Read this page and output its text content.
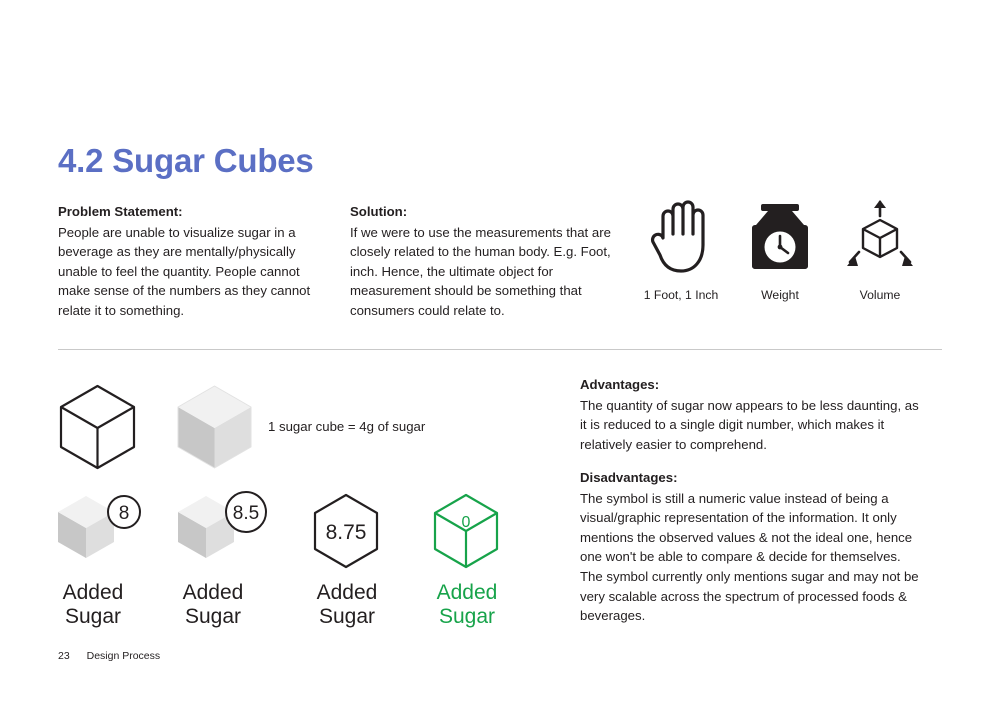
4.2 Sugar Cubes
Problem Statement:
People are unable to visualize sugar in a beverage as they are mentally/physically unable to feel the quantity. People cannot make sense of the numbers as they cannot relate it to something.
Solution:
If we were to use the measurements that are closely related to the human body. E.g. Foot, inch. Hence, the ultimate object for measurement should be something that consumers could relate to.
1 Foot, 1 Inch	Weight	Volume
1 sugar cube = 4g of sugar
8
Added
Sugar
8.5
Added
Sugar
8.75
Added
Sugar
0
Added
Sugar
Advantages:
The quantity of sugar now appears to be less daunting, as it is reduced to a single digit number, which makes it relatively easier to comprehend.
Disadvantages:
The symbol is still a numeric value instead of being a visual/graphic representation of the information. It only mentions the observed values & not the ideal one, hence one won't be able to compare & decide for themselves. The symbol currently only mentions sugar and may not be very scalable across the spectrum of processed foods & beverages.
23 Design Process
